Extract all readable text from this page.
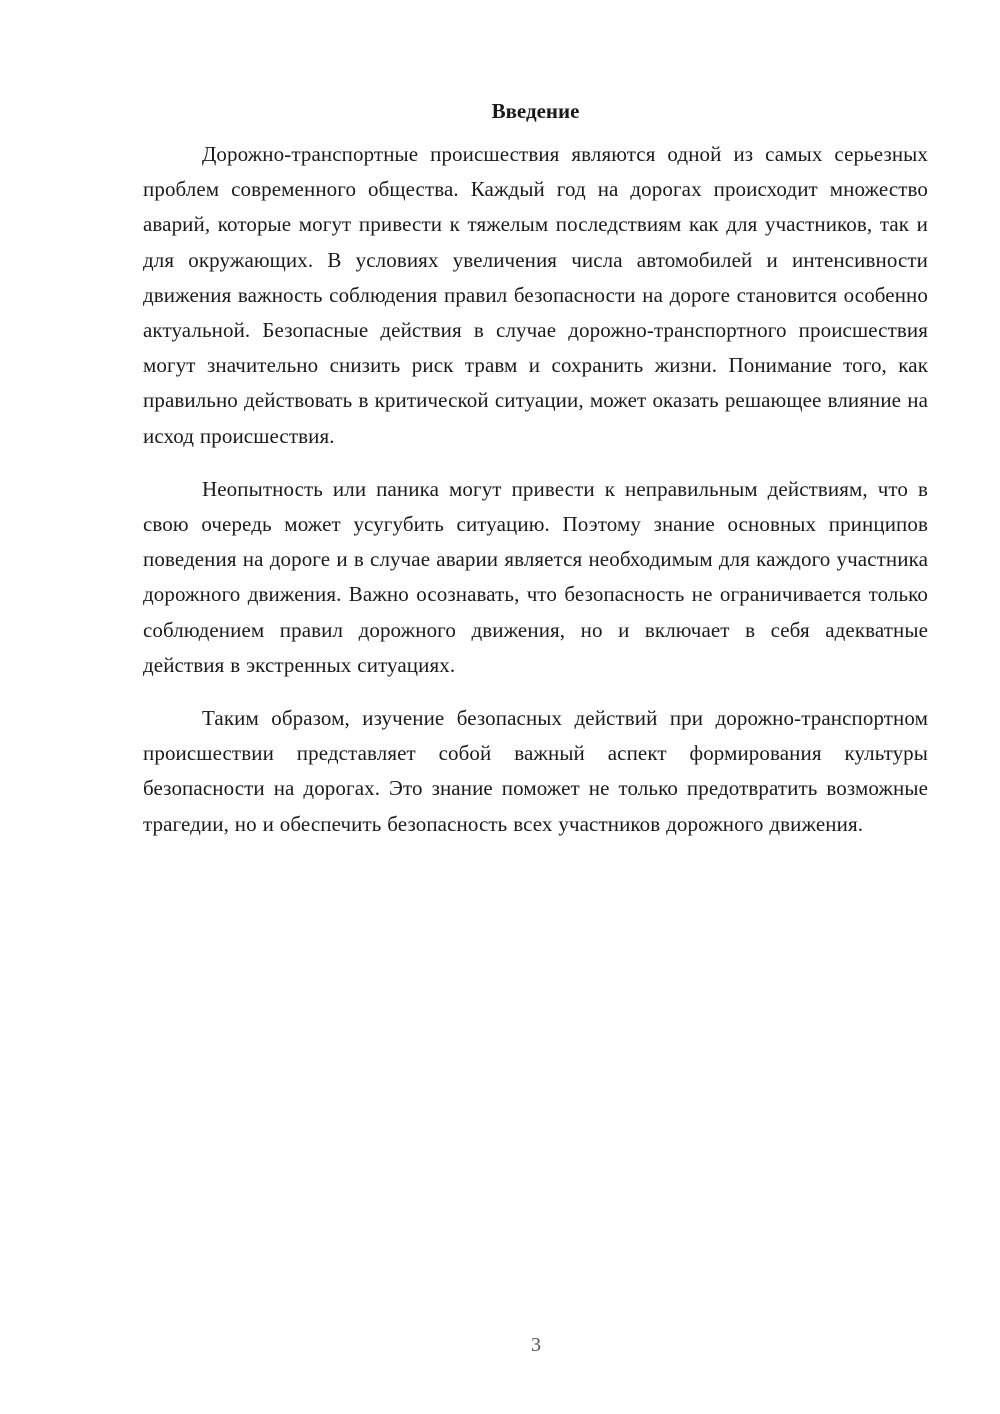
Введение

Дорожно-транспортные происшествия являются одной из самых серьезных проблем современного общества. Каждый год на дорогах происходит множество аварий, которые могут привести к тяжелым последствиям как для участников, так и для окружающих. В условиях увеличения числа автомобилей и интенсивности движения важность соблюдения правил безопасности на дороге становится особенно актуальной. Безопасные действия в случае дорожно-транспортного происшествия могут значительно снизить риск травм и сохранить жизни. Понимание того, как правильно действовать в критической ситуации, может оказать решающее влияние на исход происшествия.

Неопытность или паника могут привести к неправильным действиям, что в свою очередь может усугубить ситуацию. Поэтому знание основных принципов поведения на дороге и в случае аварии является необходимым для каждого участника дорожного движения. Важно осознавать, что безопасность не ограничивается только соблюдением правил дорожного движения, но и включает в себя адекватные действия в экстренных ситуациях.

Таким образом, изучение безопасных действий при дорожно-транспортном происшествии представляет собой важный аспект формирования культуры безопасности на дорогах. Это знание поможет не только предотвратить возможные трагедии, но и обеспечить безопасность всех участников дорожного движения.

3
